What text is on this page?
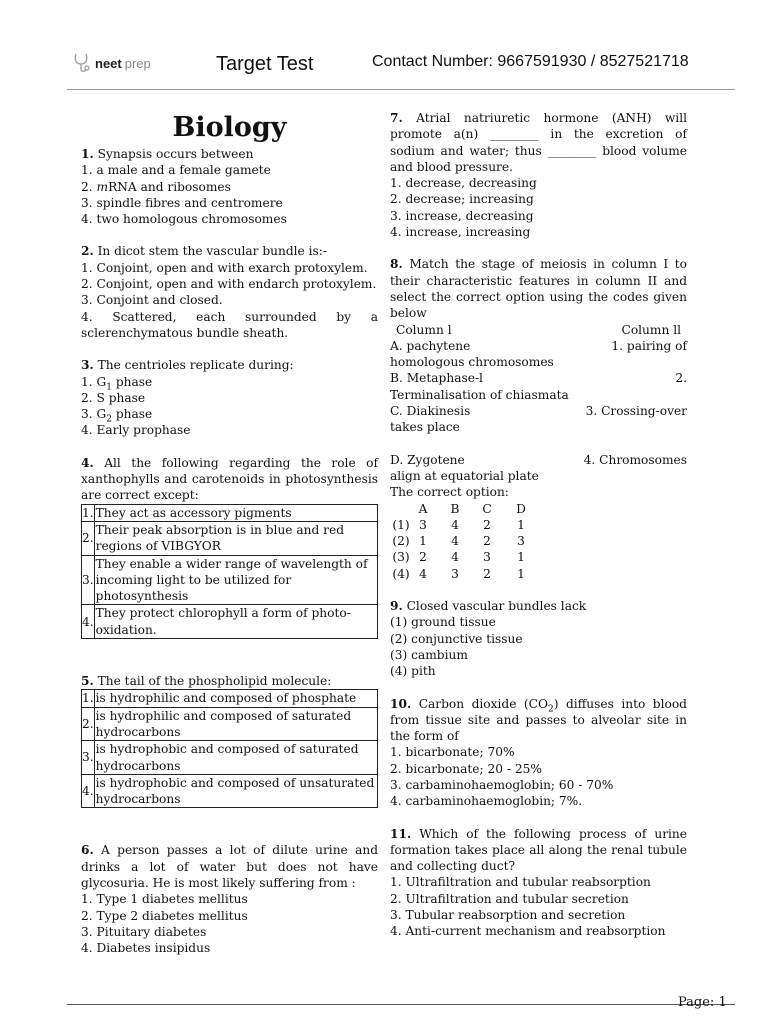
neet prep	Target Test	Contact Number: 9667591930 / 8527521718
Biology

1. Synapsis occurs between

1. a male and a female gamete

2. mRNA and ribosomes

3. spindle fibres and centromere

4. two homologous chromosomes

2. In dicot stem the vascular bundle is:-

1. Conjoint, open and with exarch protoxylem.

2. Conjoint, open and with endarch protoxylem.

3. Conjoint and closed.

4. Scattered, each surrounded by a sclerenchymatous bundle sheath.

3. The centrioles replicate during:

1. $G_1$ phase

2. S phase

3. $G_2$ phase

4. Early prophase

4. All the following regarding the role of xanthophylls and carotenoids in photosynthesis are correct except:

1.	They act as accessory pigments
2.	Their peak absorption is in blue and red regions of VIBGYOR
3.	They enable a wider range of wavelength of incoming light to be utilized for photosynthesis
4.	They protect chlorophyll a form of photo-oxidation.

5. The tail of the phospholipid molecule:

1.	is hydrophilic and composed of phosphate
2.	is hydrophilic and composed of saturated hydrocarbons
3.	is hydrophobic and composed of saturated hydrocarbons
4.	is hydrophobic and composed of unsaturated hydrocarbons

6. A person passes a lot of dilute urine and drinks a lot of water but does not have glycosuria. He is most likely suffering from :

1. Type 1 diabetes mellitus

2. Type 2 diabetes mellitus

3. Pituitary diabetes

4. Diabetes insipidus

7. Atrial natriuretic hormone (ANH) will promote a(n) ________ in the excretion of sodium and water; thus ________ blood volume and blood pressure.

1. decrease, decreasing

2. decrease; increasing

3. increase, decreasing

4. increase, increasing

8. Match the stage of meiosis in column I to their characteristic features in column II and select the correct option using the codes given below

Column l	Column ll
A. pachytene	1. pairing of

homologous chromosomes

B. Metaphase-l	2.

Terminalisation of chiasmata

C. Diakinesis	3. Crossing-over

takes place

D. Zygotene	4. Chromosomes

align at equatorial plate

The correct option:

	A	B	C	D
(1)	3	4	2	1
(2)	1	4	2	3
(3)	2	4	3	1
(4)	4	3	2	1

9. Closed vascular bundles lack

(1) ground tissue

(2) conjunctive tissue

(3) cambium

(4) pith

10. Carbon dioxide $(CO_2)$ diffuses into blood from tissue site and passes to alveolar site in the form of

1. bicarbonate; 70%

2. bicarbonate; 20 - 25%

3. carbaminohaemoglobin; 60 - 70%

4. carbaminohaemoglobin; 7%.

11. Which of the following process of urine formation takes place all along the renal tubule and collecting duct?

1. Ultrafiltration and tubular reabsorption

2. Ultrafiltration and tubular secretion

3. Tubular reabsorption and secretion

4. Anti-current mechanism and reabsorption

Page: 1
